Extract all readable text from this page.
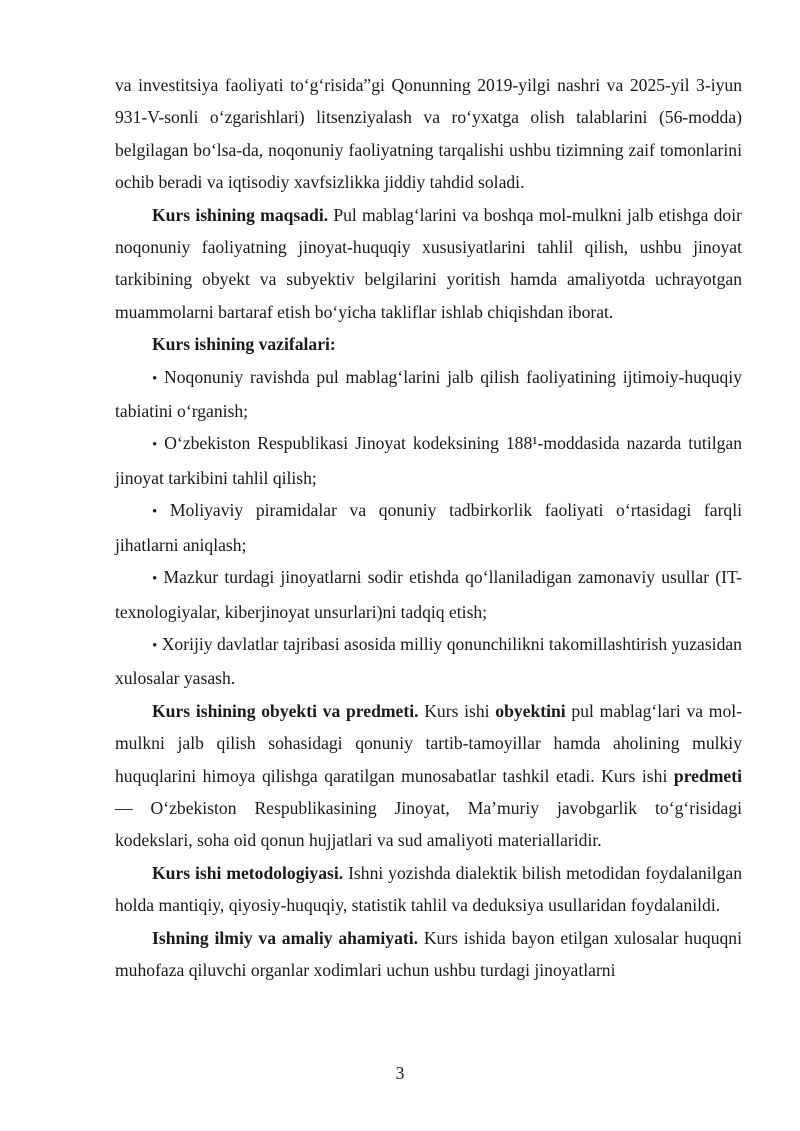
va investitsiya faoliyati to‘g‘risida”gi Qonunning 2019-yilgi nashri va 2025-yil 3-iyun 931-V-sonli o‘zgarishlari) litsenziyalash va ro‘yxatga olish talablarini (56-modda) belgilagan bo‘lsa-da, noqonuniy faoliyatning tarqalishi ushbu tizimning zaif tomonlarini ochib beradi va iqtisodiy xavfsizlikka jiddiy tahdid soladi.

Kurs ishining maqsadi. Pul mablag‘larini va boshqa mol-mulkni jalb etishga doir noqonuniy faoliyatning jinoyat-huquqiy xususiyatlarini tahlil qilish, ushbu jinoyat tarkibining obyekt va subyektiv belgilarini yoritish hamda amaliyotda uchrayotgan muammolarni bartaraf etish bo‘yicha takliflar ishlab chiqishdan iborat.

Kurs ishining vazifalari:

• Noqonuniy ravishda pul mablag‘larini jalb qilish faoliyatining ijtimoiy-huquqiy tabiatini o‘rganish;

• O‘zbekiston Respublikasi Jinoyat kodeksining 188¹-moddasida nazarda tutilgan jinoyat tarkibini tahlil qilish;

• Moliyaviy piramidalar va qonuniy tadbirkorlik faoliyati o‘rtasidagi farqli jihatlarni aniqlash;

• Mazkur turdagi jinoyatlarni sodir etishda qo‘llaniladigan zamonaviy usullar (IT-texnologiyalar, kiberjinoyat unsurlari)ni tadqiq etish;

• Xorijiy davlatlar tajribasi asosida milliy qonunchilikni takomillashtirish yuzasidan xulosalar yasash.

Kurs ishining obyekti va predmeti. Kurs ishi obyektini pul mablag‘lari va mol-mulkni jalb qilish sohasidagi qonuniy tartib-tamoyillar hamda aholining mulkiy huquqlarini himoya qilishga qaratilgan munosabatlar tashkil etadi. Kurs ishi predmeti — O‘zbekiston Respublikasining Jinoyat, Ma’muriy javobgarlik to‘g‘risidagi kodekslari, soha oid qonun hujjatlari va sud amaliyoti materiallaridir.

Kurs ishi metodologiyasi. Ishni yozishda dialektik bilish metodidan foydalanilgan holda mantiqiy, qiyosiy-huquqiy, statistik tahlil va deduksiya usullaridan foydalanildi.

Ishning ilmiy va amaliy ahamiyati. Kurs ishida bayon etilgan xulosalar huquqni muhofaza qiluvchi organlar xodimlari uchun ushbu turdagi jinoyatlarni

3
